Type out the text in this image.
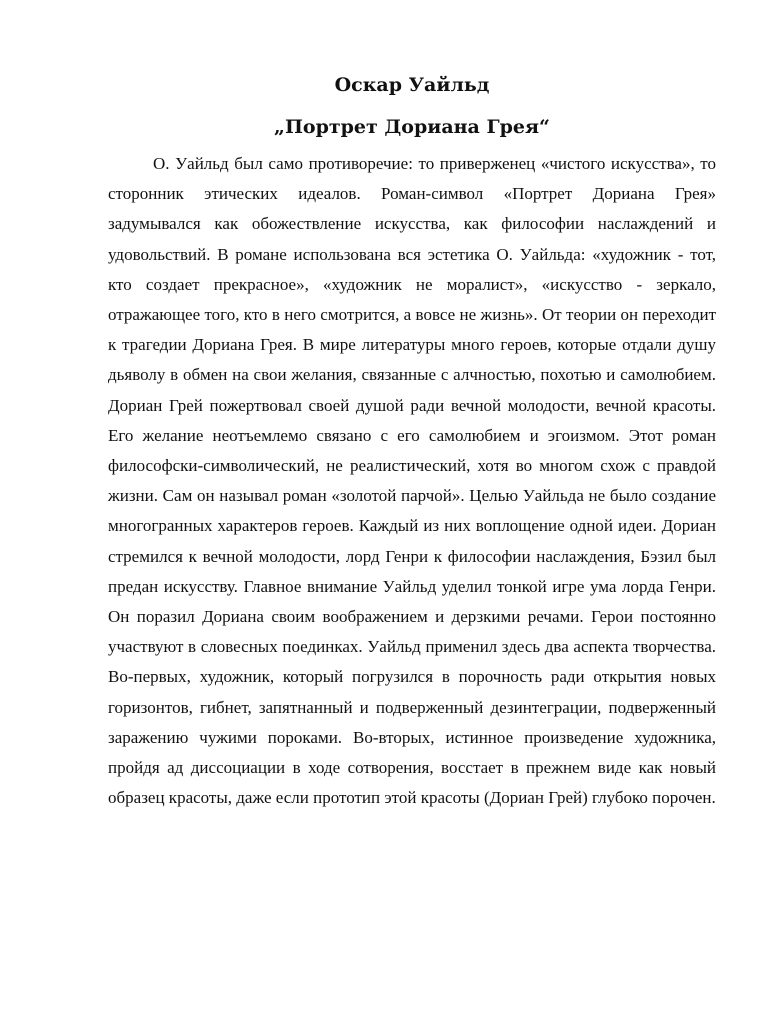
Оскар Уайльд
„Портрет Дориана Грея“

О. Уайльд был само противоречие: то приверженец «чистого искусства», то сторонник этических идеалов. Роман-символ «Портрет Дориана Грея» задумывался как обожествление искусства, как философии наслаждений и удовольствий. В романе использована вся эстетика О. Уайльда: «художник - тот, кто создает прекрасное», «художник не моралист», «искусство - зеркало, отражающее того, кто в него смотрится, а вовсе не жизнь». От теории он переходит к трагедии Дориана Грея. В мире литературы много героев, которые отдали душу дьяволу в обмен на свои желания, связанные с алчностью, похотью и самолюбием. Дориан Грей пожертвовал своей душой ради вечной молодости, вечной красоты. Его желание неотъемлемо связано с его самолюбием и эгоизмом. Этот роман философски-символический, не реалистический, хотя во многом схож с правдой жизни. Сам он называл роман «золотой парчой». Целью Уайльда не было создание многогранных характеров героев. Каждый из них воплощение одной идеи. Дориан стремился к вечной молодости, лорд Генри к философии наслаждения, Бэзил был предан искусству. Главное внимание Уайльд уделил тонкой игре ума лорда Генри. Он поразил Дориана своим воображением и дерзкими речами. Герои постоянно участвуют в словесных поединках. Уайльд применил здесь два аспекта творчества. Во-первых, художник, который погрузился в порочность ради открытия новых горизонтов, гибнет, запятнанный и подверженный дезинтеграции, подверженный заражению чужими пороками. Во-вторых, истинное произведение художника, пройдя ад диссоциации в ходе сотворения, восстает в прежнем виде как новый образец красоты, даже если прототип этой красоты (Дориан Грей) глубоко порочен.
